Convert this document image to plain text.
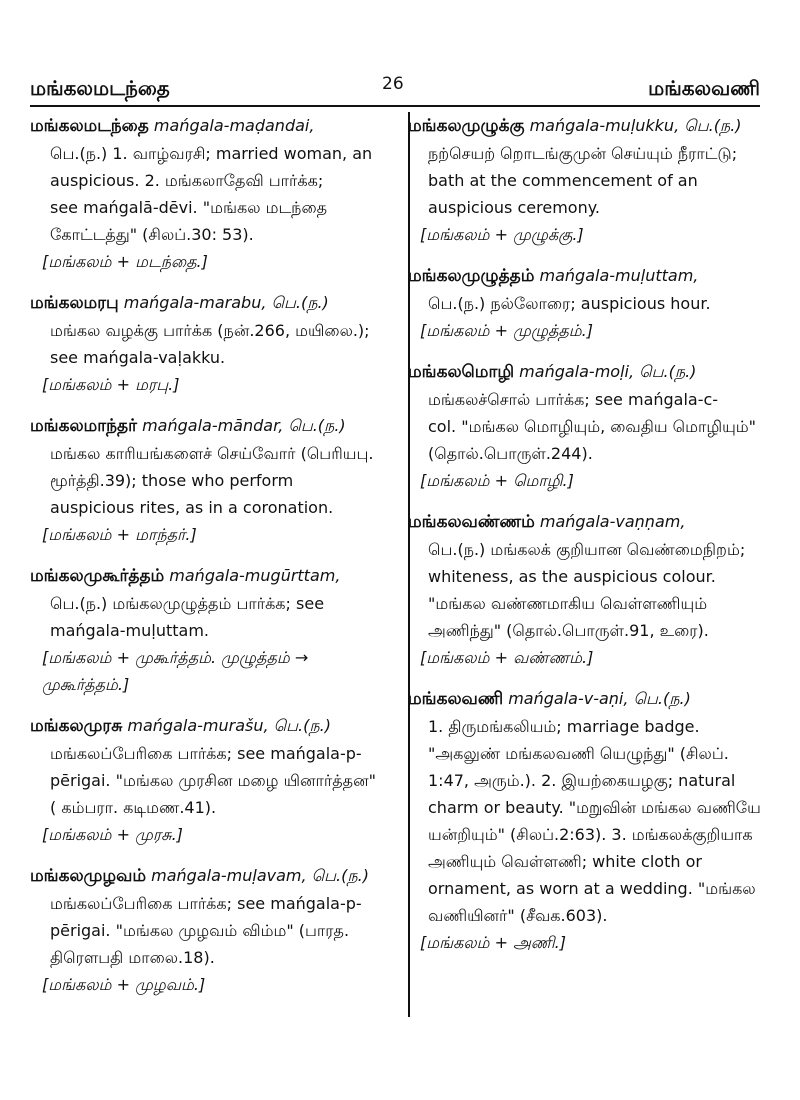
மங்கலமடந்தை	26	மங்கலவணி

மங்கலமடந்தை mańgala-maḍandai,

பெ.(ந.) 1. வாழ்வரசி; married woman, an

auspicious. 2. மங்கலாதேவி பார்க்க;

see mańgalā-dēvi. "மங்கல மடந்தை

கோட்டத்து" (சிலப்.30: 53).

[மங்கலம் + மடந்தை.]

மங்கலமரபு mańgala-marabu, பெ.(ந.)

மங்கல வழக்கு பார்க்க (நன்.266, மயிலை.);

see mańgala-vaḷakku.

[மங்கலம் + மரபு.]

மங்கலமாந்தர் mańgala-māndar, பெ.(ந.)

மங்கல காரியங்களைச் செய்வோர் (பெரியபு.

மூர்த்தி.39); those who perform

auspicious rites, as in a coronation.

[மங்கலம் + மாந்தர்.]

மங்கலமுகூர்த்தம் mańgala-mugūrttam,

பெ.(ந.) மங்கலமுழுத்தம் பார்க்க; see

mańgala-muḷuttam.

[மங்கலம் + முகூர்த்தம். முழுத்தம் → முகூர்த்தம்.]

மங்கலமுரசு mańgala-murašu, பெ.(ந.)

மங்கலப்பேரிகை பார்க்க; see mańgala-p-

pērigai. "மங்கல முரசின மழை யினார்த்தன"

( கம்பரா. கடிமண.41).

[மங்கலம் + முரசு.]

மங்கலமுழவம் mańgala-muḷavam, பெ.(ந.)

மங்கலப்பேரிகை பார்க்க; see mańgala-p-

pērigai. "மங்கல முழவம் விம்ம" (பாரத.

திரௌபதி மாலை.18).

[மங்கலம் + முழவம்.]

மங்கலமுழுக்கு mańgala-muḷukku, பெ.(ந.)

நற்செயற் றொடங்குமுன் செய்யும் நீராட்டு;

bath at the commencement of an

auspicious ceremony.

[மங்கலம் + முழுக்கு.]

மங்கலமுழுத்தம் mańgala-muḷuttam,

பெ.(ந.) நல்லோரை; auspicious hour.

[மங்கலம் + முழுத்தம்.]

மங்கலமொழி mańgala-moḷi, பெ.(ந.)

மங்கலச்சொல் பார்க்க; see mańgala-c-

col. "மங்கல மொழியும், வைதிய மொழியும்"

(தொல்.பொருள்.244).

[மங்கலம் + மொழி.]

மங்கலவண்ணம் mańgala-vaṇṇam,

பெ.(ந.) மங்கலக் குறியான வெண்மைநிறம்;

whiteness, as the auspicious colour.

"மங்கல வண்ணமாகிய வெள்ளணியும்

அணிந்து" (தொல்.பொருள்.91, உரை).

[மங்கலம் + வண்ணம்.]

மங்கலவணி mańgala-v-aṇi, பெ.(ந.)

1. திருமங்கலியம்; marriage badge.

"அகலுண் மங்கலவணி யெழுந்து" (சிலப்.

1:47, அரும்.). 2. இயற்கையழகு; natural

charm or beauty. "மறுவின் மங்கல வணியே

யன்றியும்" (சிலப்.2:63). 3. மங்கலக்குறியாக

அணியும் வெள்ளணி; white cloth or

ornament, as worn at a wedding. "மங்கல

வணியினர்" (சீவக.603).

[மங்கலம் + அணி.]
